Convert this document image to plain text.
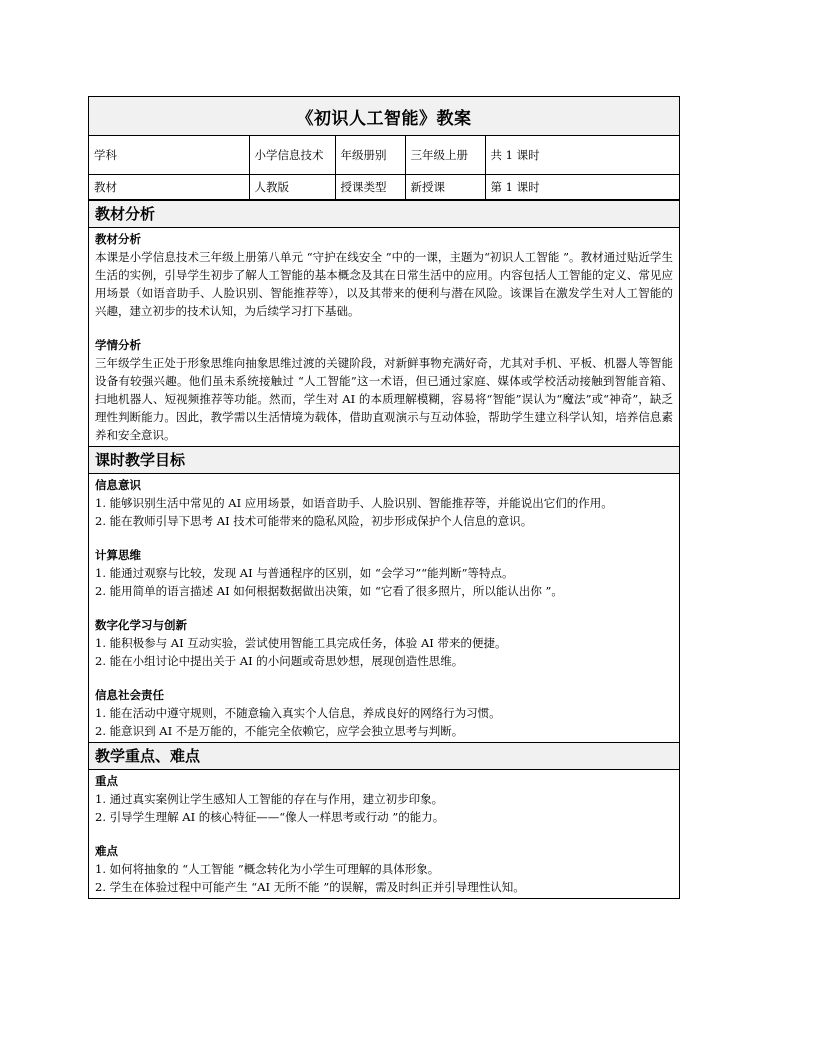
《初识人工智能》教案
学科	小学信息技术	年级册别	三年级上册	共 1 课时
教材	人教版	授课类型	新授课	第 1 课时
教材分析
教材分析
本课是小学信息技术三年级上册第八单元 “守护在线安全 ”中的一课，主题为“初识人工智能 ”。教材通过贴近学生生活的实例，引导学生初步了解人工智能的基本概念及其在日常生活中的应用。内容包括人工智能的定义、常见应用场景（如语音助手、人脸识别、智能推荐等），以及其带来的便利与潜在风险。该课旨在激发学生对人工智能的兴趣，建立初步的技术认知，为后续学习打下基础。
学情分析
三年级学生正处于形象思维向抽象思维过渡的关键阶段，对新鲜事物充满好奇，尤其对手机、平板、机器人等智能设备有较强兴趣。他们虽未系统接触过 “人工智能”这一术语，但已通过家庭、媒体或学校活动接触到智能音箱、扫地机器人、短视频推荐等功能。然而，学生对 AI 的本质理解模糊，容易将“智能”误认为“魔法”或“神奇”，缺乏理性判断能力。因此，教学需以生活情境为载体，借助直观演示与互动体验，帮助学生建立科学认知，培养信息素养和安全意识。
课时教学目标
信息意识
1. 能够识别生活中常见的 AI 应用场景，如语音助手、人脸识别、智能推荐等，并能说出它们的作用。
2. 能在教师引导下思考 AI 技术可能带来的隐私风险，初步形成保护个人信息的意识。
计算思维
1. 能通过观察与比较，发现 AI 与普通程序的区别，如 “会学习”“能判断”等特点。
2. 能用简单的语言描述 AI 如何根据数据做出决策，如 “它看了很多照片，所以能认出你 ”。
数字化学习与创新
1. 能积极参与 AI 互动实验，尝试使用智能工具完成任务，体验 AI 带来的便捷。
2. 能在小组讨论中提出关于 AI 的小问题或奇思妙想，展现创造性思维。
信息社会责任
1. 能在活动中遵守规则，不随意输入真实个人信息，养成良好的网络行为习惯。
2. 能意识到 AI 不是万能的，不能完全依赖它，应学会独立思考与判断。
教学重点、难点
重点
1. 通过真实案例让学生感知人工智能的存在与作用，建立初步印象。
2. 引导学生理解 AI 的核心特征——“像人一样思考或行动 ”的能力。
难点
1. 如何将抽象的 “人工智能 ”概念转化为小学生可理解的具体形象。
2. 学生在体验过程中可能产生 “AI 无所不能 ”的误解，需及时纠正并引导理性认知。
